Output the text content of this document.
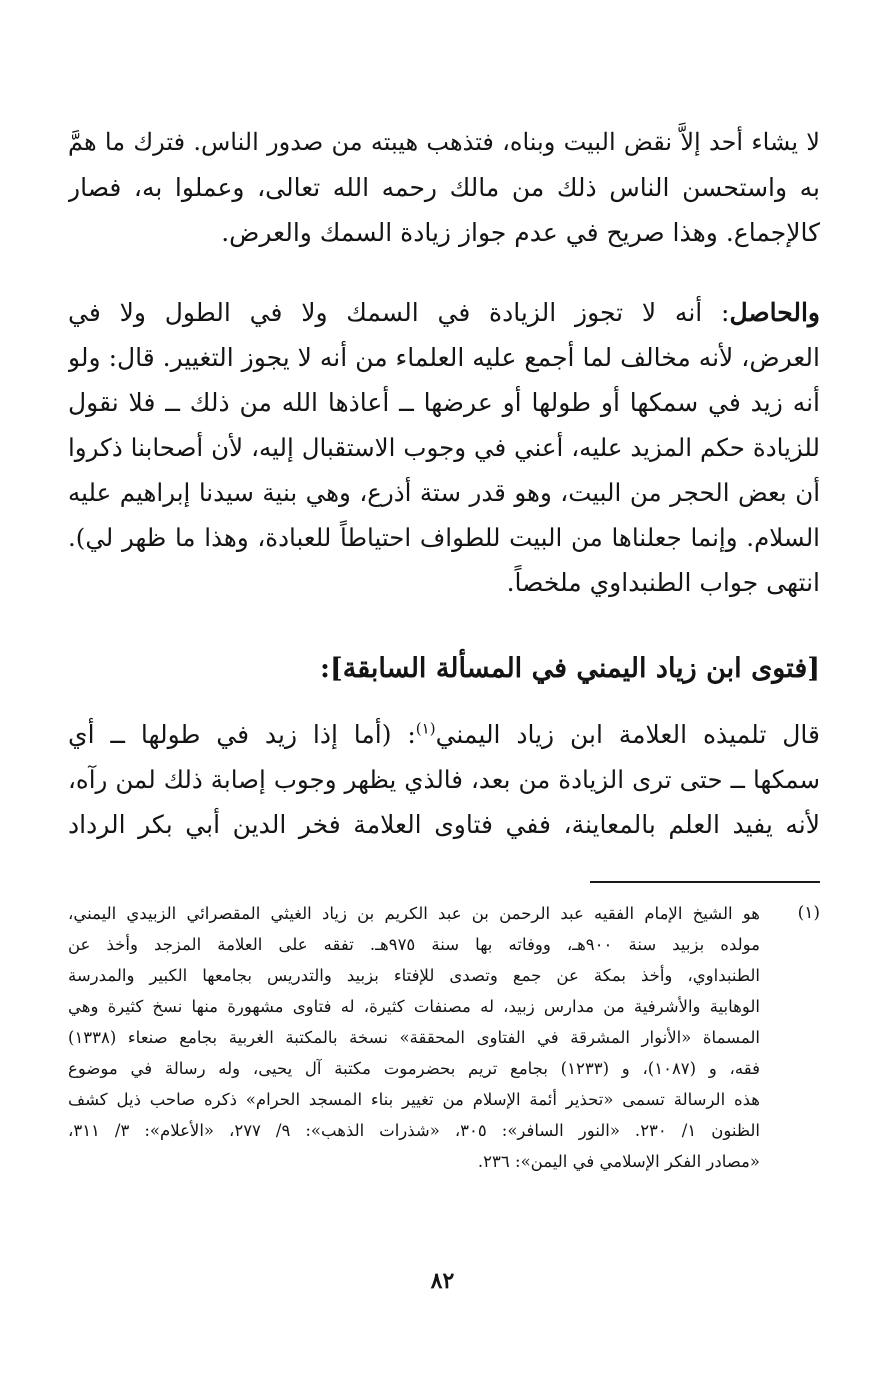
لا يشاء أحد إلاَّ نقض البيت وبناه، فتذهب هيبته من صدور الناس. فترك ما همَّ
به واستحسن الناس ذلك من مالك رحمه الله تعالى، وعملوا به، فصار
كالإجماع. وهذا صريح في عدم جواز زيادة السمك والعرض.
والحاصل: أنه لا تجوز الزيادة في السمك ولا في الطول ولا في
العرض، لأنه مخالف لما أجمع عليه العلماء من أنه لا يجوز التغيير. قال: ولو
أنه زيد في سمكها أو طولها أو عرضها ــ أعاذها الله من ذلك ــ فلا نقول
للزيادة حكم المزيد عليه، أعني في وجوب الاستقبال إليه، لأن أصحابنا ذكروا
أن بعض الحجر من البيت، وهو قدر ستة أذرع، وهي بنية سيدنا إبراهيم عليه
السلام. وإنما جعلناها من البيت للطواف احتياطاً للعبادة، وهذا ما ظهر لي).
انتهى جواب الطنبداوي ملخصاً.
[فتوى ابن زياد اليمني في المسألة السابقة]:
قال تلميذه العلامة ابن زياد اليمني$^{(١)}$: (أما إذا زيد في طولها ــ أي
سمكها ــ حتى ترى الزيادة من بعد، فالذي يظهر وجوب إصابة ذلك لمن رآه،
لأنه يفيد العلم بالمعاينة، ففي فتاوى العلامة فخر الدين أبي بكر الرداد
(١)
هو الشيخ الإمام الفقيه عبد الرحمن بن عبد الكريم بن زياد الغيثي المقصرائي الزبيدي اليمني،
مولده بزبيد سنة ٩٠٠هـ، ووفاته بها سنة ٩٧٥هـ. تفقه على العلامة المزجد وأخذ عن
الطنبداوي، وأخذ بمكة عن جمع وتصدى للإفتاء بزبيد والتدريس بجامعها الكبير والمدرسة
الوهابية والأشرفية من مدارس زبيد، له مصنفات كثيرة، له فتاوى مشهورة منها نسخ كثيرة وهي
المسماة «الأنوار المشرقة في الفتاوى المحققة» نسخة بالمكتبة الغربية بجامع صنعاء (١٣٣٨)
فقه، و (١٠٨٧)، و (١٢٣٣) بجامع تريم بحضرموت مكتبة آل يحيى، وله رسالة في موضوع
هذه الرسالة تسمى «تحذير أئمة الإسلام من تغيير بناء المسجد الحرام» ذكره صاحب ذيل كشف
الظنون ١/ ٢٣٠. «النور السافر»: ٣٠٥، «شذرات الذهب»: ٩/ ٢٧٧، «الأعلام»: ٣/ ٣١١،
«مصادر الفكر الإسلامي في اليمن»: ٢٣٦.
٨٢
